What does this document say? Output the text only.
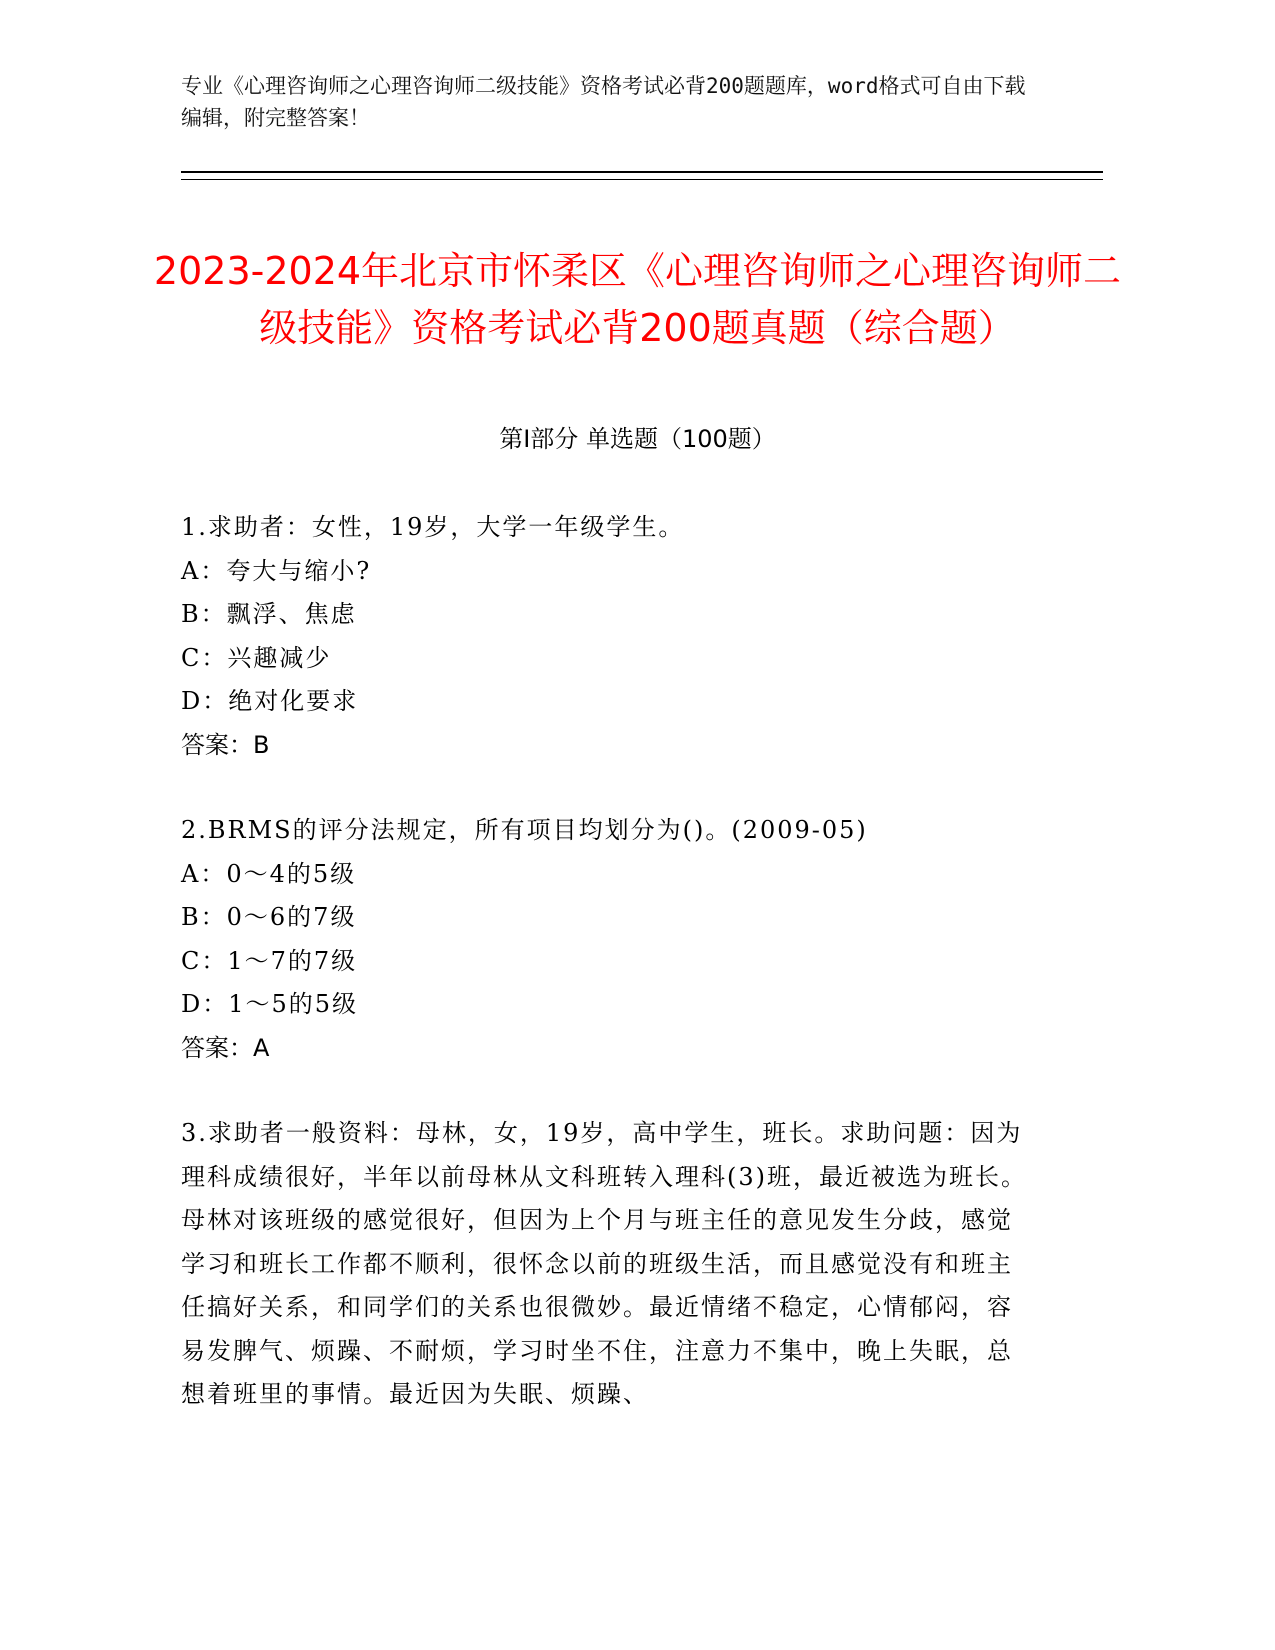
专业《心理咨询师之心理咨询师二级技能》资格考试必背200题题库，word格式可自由下载编辑，附完整答案！
2023-2024年北京市怀柔区《心理咨询师之心理咨询师二级技能》资格考试必背200题真题（综合题）
第Ⅰ部分 单选题（100题）

1.求助者：女性，19岁，大学一年级学生。

A：夸大与缩小?

B：飘浮、焦虑

C：兴趣减少

D：绝对化要求

答案：B

2.BRMS的评分法规定，所有项目均划分为()。(2009-05)

A：0～4的5级

B：0～6的7级

C：1～7的7级

D：1～5的5级

答案：A

3.求助者一般资料：母林，女，19岁，高中学生，班长。求助问题：因为理科成绩很好，半年以前母林从文科班转入理科(3)班，最近被选为班长。母林对该班级的感觉很好，但因为上个月与班主任的意见发生分歧，感觉学习和班长工作都不顺利，很怀念以前的班级生活，而且感觉没有和班主任搞好关系，和同学们的关系也很微妙。最近情绪不稳定，心情郁闷，容易发脾气、烦躁、不耐烦，学习时坐不住，注意力不集中，晚上失眠，总想着班里的事情。最近因为失眠、烦躁、
